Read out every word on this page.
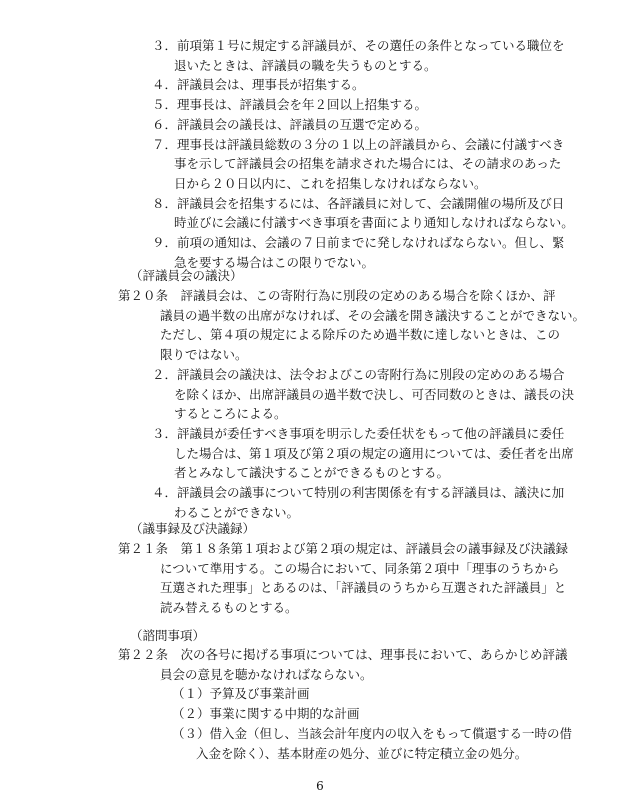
３．前項第１号に規定する評議員が、その選任の条件となっている職位を
退いたときは、評議員の職を失うものとする。
４．評議員会は、理事長が招集する。
５．理事長は、評議員会を年２回以上招集する。
６．評議員会の議長は、評議員の互選で定める。
７．理事長は評議員総数の３分の１以上の評議員から、会議に付議すべき
事を示して評議員会の招集を請求された場合には、その請求のあった
日から２０日以内に、これを招集しなければならない。
８．評議員会を招集するには、各評議員に対して、会議開催の場所及び日
時並びに会議に付議すべき事項を書面により通知しなければならない。
９．前項の通知は、会議の７日前までに発しなければならない。但し、緊
急を要する場合はこの限りでない。
（評議員会の議決）
第２０条　評議員会は、この寄附行為に別段の定めのある場合を除くほか、評
議員の過半数の出席がなければ、その会議を開き議決することができない。
ただし、第４項の規定による除斥のため過半数に達しないときは、この
限りではない。
２．評議員会の議決は、法令およびこの寄附行為に別段の定めのある場合
を除くほか、出席評議員の過半数で決し、可否同数のときは、議長の決
するところによる。
３．評議員が委任すべき事項を明示した委任状をもって他の評議員に委任
した場合は、第１項及び第２項の規定の適用については、委任者を出席
者とみなして議決することができるものとする。
４．評議員会の議事について特別の利害関係を有する評議員は、議決に加
わることができない。
（議事録及び決議録）
第２１条　第１８条第１項および第２項の規定は、評議員会の議事録及び決議録
について準用する。この場合において、同条第２項中「理事のうちから
互選された理事」とあるのは、「評議員のうちから互選された評議員」と
読み替えるものとする。
（諮問事項）
第２２条　次の各号に掲げる事項については、理事長において、あらかじめ評議
員会の意見を聴かなければならない。
（１）予算及び事業計画
（２）事業に関する中期的な計画
（３）借入金（但し、当該会計年度内の収入をもって償還する一時の借
入金を除く）、基本財産の処分、並びに特定積立金の処分。
6
